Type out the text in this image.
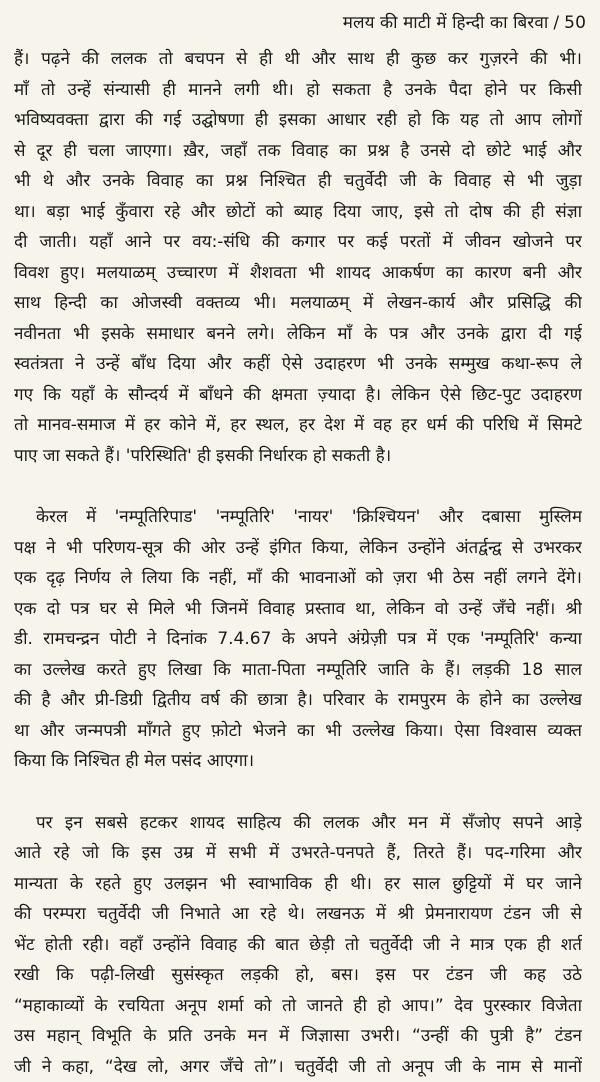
मलय की माटी में हिन्दी का बिरवा / 50
हैं। पढ़ने की ललक तो बचपन से ही थी और साथ ही कुछ कर गुज़रने की भी।
माँ तो उन्हें संन्यासी ही मानने लगी थी। हो सकता है उनके पैदा होने पर किसी
भविष्यवक्ता द्वारा की गई उद्घोषणा ही इसका आधार रही हो कि यह तो आप लोगों
से दूर ही चला जाएगा। ख़ैर, जहाँ तक विवाह का प्रश्न है उनसे दो छोटे भाई और
भी थे और उनके विवाह का प्रश्न निश्चित ही चतुर्वेदी जी के विवाह से भी जुड़ा
था। बड़ा भाई कुँवारा रहे और छोटों को ब्याह दिया जाए, इसे तो दोष की ही संज्ञा
दी जाती। यहाँ आने पर वय:-संधि की कगार पर कई परतों में जीवन खोजने पर
विवश हुए। मलयाळम् उच्चारण में शैशवता भी शायद आकर्षण का कारण बनी और
साथ हिन्दी का ओजस्वी वक्तव्य भी। मलयाळम् में लेखन-कार्य और प्रसिद्धि की
नवीनता भी इसके समाधार बनने लगे। लेकिन माँ के पत्र और उनके द्वारा दी गई
स्वतंत्रता ने उन्हें बाँध दिया और कहीं ऐसे उदाहरण भी उनके सम्मुख कथा-रूप ले
गए कि यहाँ के सौन्दर्य में बाँधने की क्षमता ज़्यादा है। लेकिन ऐसे छिट-पुट उदाहरण
तो मानव-समाज में हर कोने में, हर स्थल, हर देश में वह हर धर्म की परिधि में सिमटे
पाए जा सकते हैं। 'परिस्थिति' ही इसकी निर्धारक हो सकती है।
केरल में 'नम्पूतिरिपाड' 'नम्पूतिरि' 'नायर' 'क्रिश्चियन' और दबासा मुस्लिम
पक्ष ने भी परिणय-सूत्र की ओर उन्हें इंगित किया, लेकिन उन्होंने अंतर्द्वन्द्व से उभरकर
एक दृढ़ निर्णय ले लिया कि नहीं, माँ की भावनाओं को ज़रा भी ठेस नहीं लगने देंगे।
एक दो पत्र घर से मिले भी जिनमें विवाह प्रस्ताव था, लेकिन वो उन्हें जँचे नहीं। श्री
डी. रामचन्द्रन पोटी ने दिनांक 7.4.67 के अपने अंग्रेज़ी पत्र में एक 'नम्पूतिरि' कन्या
का उल्लेख करते हुए लिखा कि माता-पिता नम्पूतिरि जाति के हैं। लड़की 18 साल
की है और प्री-डिग्री द्वितीय वर्ष की छात्रा है। परिवार के रामपुरम के होने का उल्लेख
था और जन्मपत्री माँगते हुए फ़ोटो भेजने का भी उल्लेख किया। ऐसा विश्वास व्यक्त
किया कि निश्चित ही मेल पसंद आएगा।
पर इन सबसे हटकर शायद साहित्य की ललक और मन में सँजोए सपने आड़े
आते रहे जो कि इस उम्र में सभी में उभरते-पनपते हैं, तिरते हैं। पद-गरिमा और
मान्यता के रहते हुए उलझन भी स्वाभाविक ही थी। हर साल छुट्टियों में घर जाने
की परम्परा चतुर्वेदी जी निभाते आ रहे थे। लखनऊ में श्री प्रेमनारायण टंडन जी से
भेंट होती रही। वहाँ उन्होंने विवाह की बात छेड़ी तो चतुर्वेदी जी ने मात्र एक ही शर्त
रखी कि पढ़ी-लिखी सुसंस्कृत लड़की हो, बस। इस पर टंडन जी कह उठे
“महाकाव्यों के रचयिता अनूप शर्मा को तो जानते ही हो आप।” देव पुरस्कार विजेता
उस महान् विभूति के प्रति उनके मन में जिज्ञासा उभरी। “उन्हीं की पुत्री है” टंडन
जी ने कहा, “देख लो, अगर जँचे तो”। चतुर्वेदी जी तो अनूप जी के नाम से मानों
